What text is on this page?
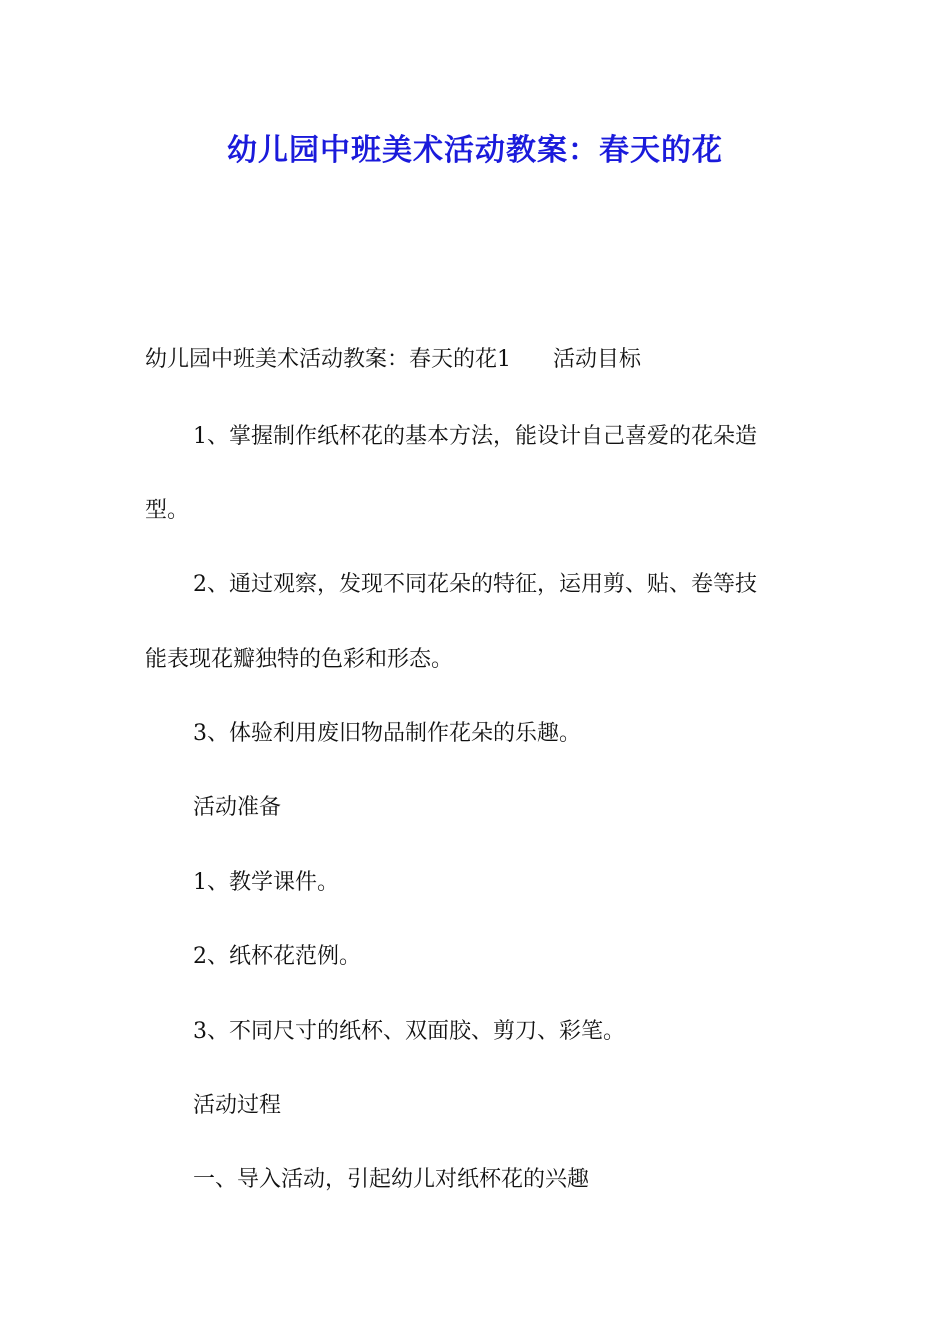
幼儿园中班美术活动教案：春天的花
幼儿园中班美术活动教案：春天的花1 活动目标
1、掌握制作纸杯花的基本方法，能设计自己喜爱的花朵造
型。
2、通过观察，发现不同花朵的特征，运用剪、贴、卷等技
能表现花瓣独特的色彩和形态。
3、体验利用废旧物品制作花朵的乐趣。
活动准备
1、教学课件。
2、纸杯花范例。
3、不同尺寸的纸杯、双面胶、剪刀、彩笔。
活动过程
一、导入活动，引起幼儿对纸杯花的兴趣
